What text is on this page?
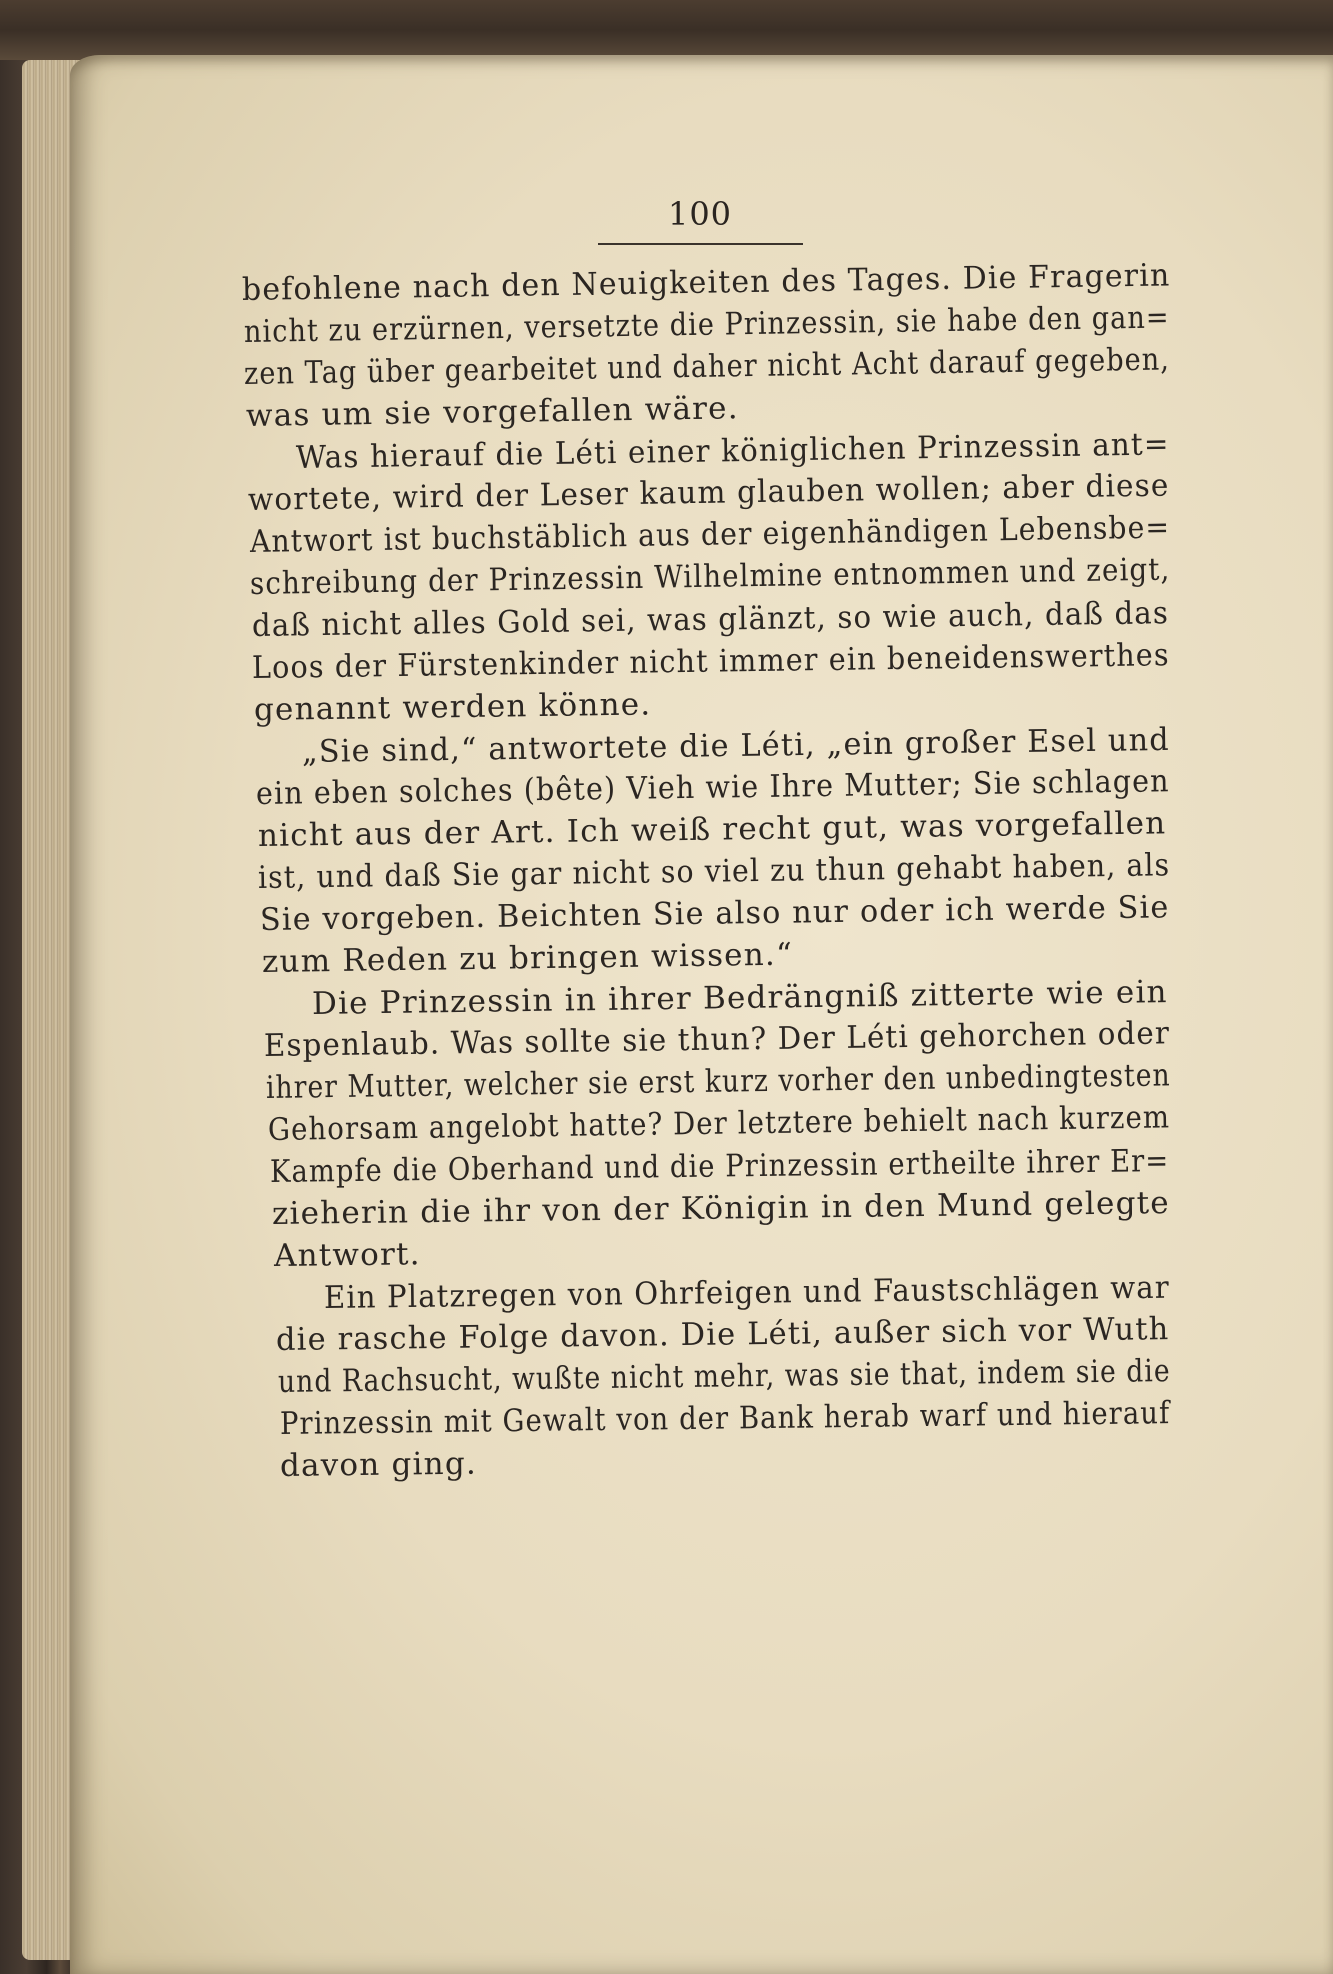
100
befohlene nach den Neuigkeiten des Tages. Die Fragerin
nicht zu erzürnen, versetzte die Prinzessin, sie habe den gan=
zen Tag über gearbeitet und daher nicht Acht darauf gegeben,
was um sie vorgefallen wäre.
Was hierauf die Léti einer königlichen Prinzessin ant=
wortete, wird der Leser kaum glauben wollen; aber diese
Antwort ist buchstäblich aus der eigenhändigen Lebensbe=
schreibung der Prinzessin Wilhelmine entnommen und zeigt,
daß nicht alles Gold sei, was glänzt, so wie auch, daß das
Loos der Fürstenkinder nicht immer ein beneidenswerthes
genannt werden könne.
„Sie sind,“ antwortete die Léti, „ein großer Esel und
ein eben solches (bête) Vieh wie Ihre Mutter; Sie schlagen
nicht aus der Art. Ich weiß recht gut, was vorgefallen
ist, und daß Sie gar nicht so viel zu thun gehabt haben, als
Sie vorgeben. Beichten Sie also nur oder ich werde Sie
zum Reden zu bringen wissen.“
Die Prinzessin in ihrer Bedrängniß zitterte wie ein
Espenlaub. Was sollte sie thun? Der Léti gehorchen oder
ihrer Mutter, welcher sie erst kurz vorher den unbedingtesten
Gehorsam angelobt hatte? Der letztere behielt nach kurzem
Kampfe die Oberhand und die Prinzessin ertheilte ihrer Er=
zieherin die ihr von der Königin in den Mund gelegte
Antwort.
Ein Platzregen von Ohrfeigen und Faustschlägen war
die rasche Folge davon. Die Léti, außer sich vor Wuth
und Rachsucht, wußte nicht mehr, was sie that, indem sie die
Prinzessin mit Gewalt von der Bank herab warf und hierauf
davon ging.
